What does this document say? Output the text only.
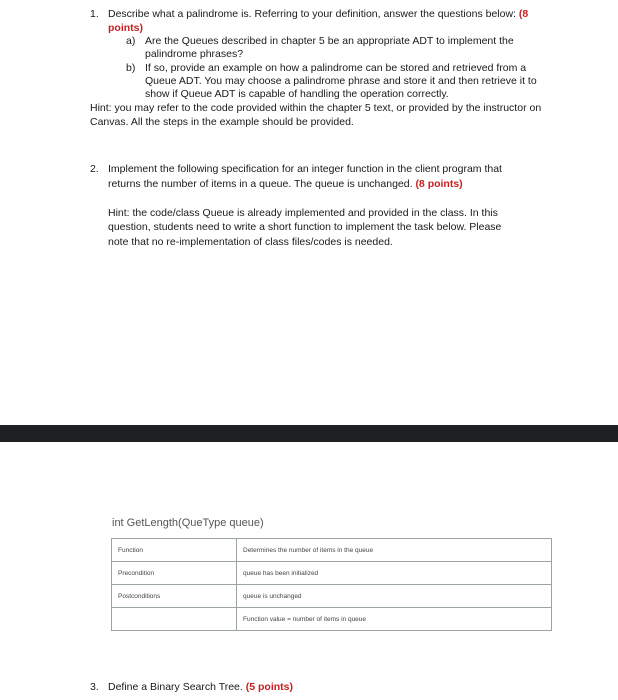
1. Describe what a palindrome is. Referring to your definition, answer the questions below: (8
points)
a) Are the Queues described in chapter 5 be an appropriate ADT to implement the
palindrome phrases?
b) If so, provide an example on how a palindrome can be stored and retrieved from a
Queue ADT. You may choose a palindrome phrase and store it and then retrieve it to
show if Queue ADT is capable of handling the operation correctly.
Hint: you may refer to the code provided within the chapter 5 text, or provided by the instructor on
Canvas. All the steps in the example should be provided.
2. Implement the following specification for an integer function in the client program that
returns the number of items in a queue. The queue is unchanged. (8 points)
Hint: the code/class Queue is already implemented and provided in the class. In this
question, students need to write a short function to implement the task below. Please
note that no re-implementation of class files/codes is needed.
int GetLength(QueType queue)
Function	Determines the number of items in the queue
Precondition	queue has been initialized
Postconditions	queue is unchanged
	Function value = number of items in queue
3. Define a Binary Search Tree. (5 points)
